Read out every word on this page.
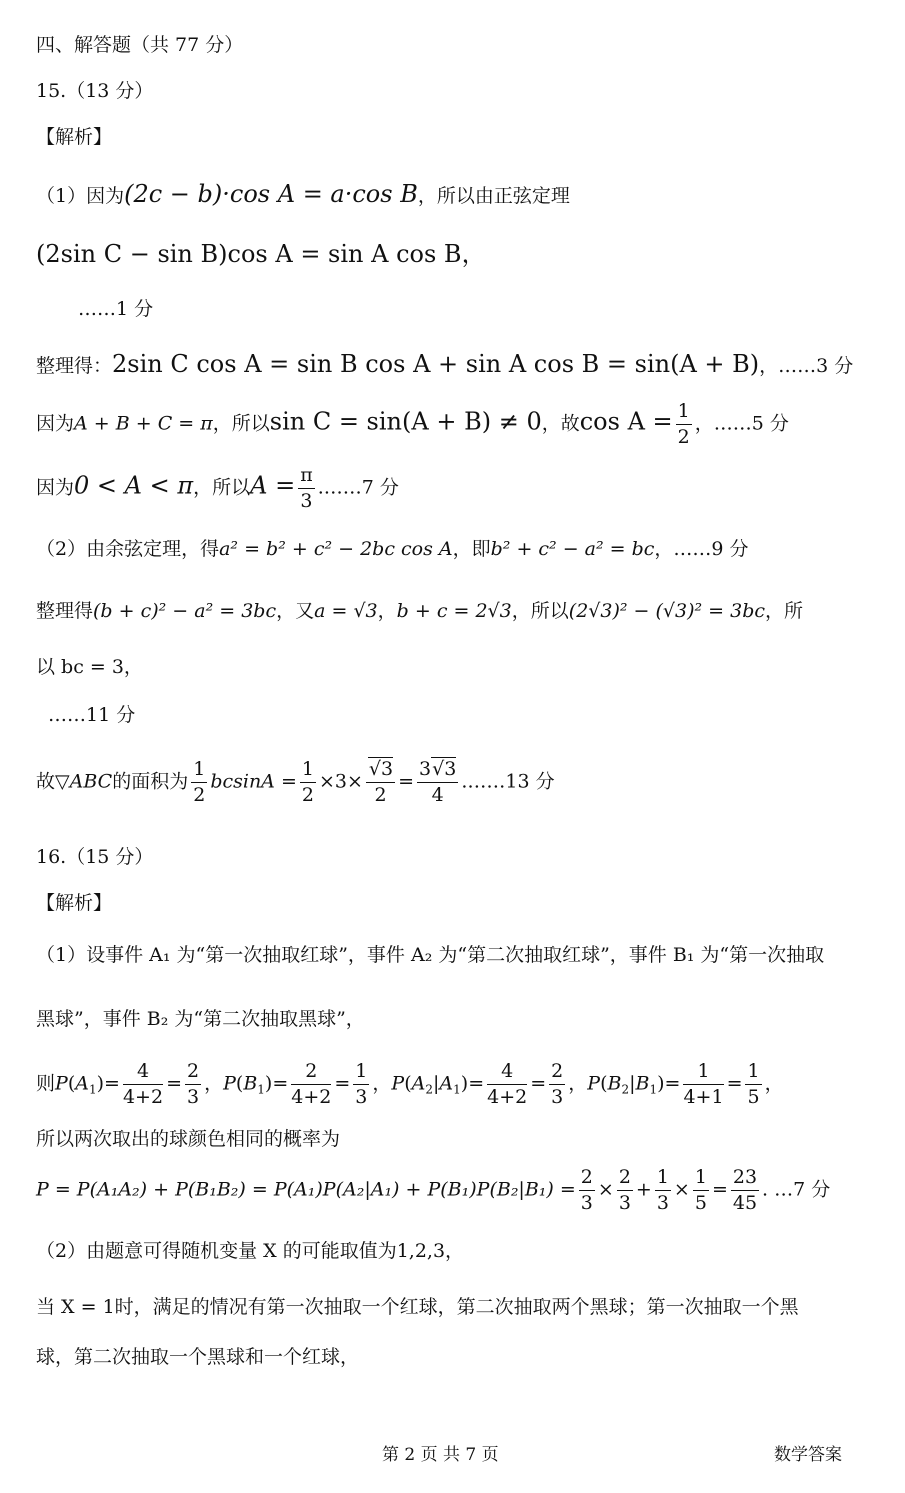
四、解答题（共 77 分）
15.（13 分）
【解析】
（1）因为(2c − b)·cos A = a·cos B，所以由正弦定理
(2sin C − sin B)cos A = sin A cos B，
……1 分
整理得：2sin C cos A = sin B cos A + sin A cos B = sin(A + B)，……3 分
因为A + B + C = π，所以sin C = sin(A + B) ≠ 0，故$\cos A = \frac{1}{2}$ ，……5 分
因为0 < A < π，所以$A = \frac{\pi}{3}$ .……7 分
（2）由余弦定理，得a² = b² + c² − 2bc cos A，即b² + c² − a² = bc，……9 分
整理得(b + c)² − a² = 3bc，又a = √3，b + c = 2√3，所以(2√3)² − (√3)² = 3bc，所
以 bc = 3，
……11 分
故▽ABC的面积为 $\frac{1}{2}$ $bcsinA = \frac{1}{2} \times 3\times \frac{√3}{2} = \frac{3√3}{4}$ .……13 分
16.（15 分）
【解析】
（1）设事件 A₁ 为“第一次抽取红球”，事件 A₂ 为“第二次抽取红球”，事件 B₁ 为“第一次抽取
黑球”，事件 B₂ 为“第二次抽取黑球”，
则$P(A_1)= \frac{4}{4+2} = \frac{2}{3}$ ，$P(B_1)= \frac{2}{4+2} = \frac{1}{3}$ ，$P(A_2|A_1)= \frac{4}{4+2} = \frac{2}{3}$ ，$P(B_2|B_1)= \frac{1}{4+1} = \frac{1}{5}$ ，
所以两次取出的球颜色相同的概率为
$P = P(A_1A_2) + P(B_1B_2) = P(A_1)P(A_2|A_1) + P(B_1)P(B_2|B_1) = \frac{2}{3} \times \frac{2}{3} + \frac{1}{3} \times \frac{1}{5} = \frac{23}{45}$ . …7 分
（2）由题意可得随机变量 X 的可能取值为1,2,3，
当 X = 1时，满足的情况有第一次抽取一个红球，第二次抽取两个黑球；第一次抽取一个黑
球，第二次抽取一个黑球和一个红球，
第 2 页 共 7 页	数学答案
